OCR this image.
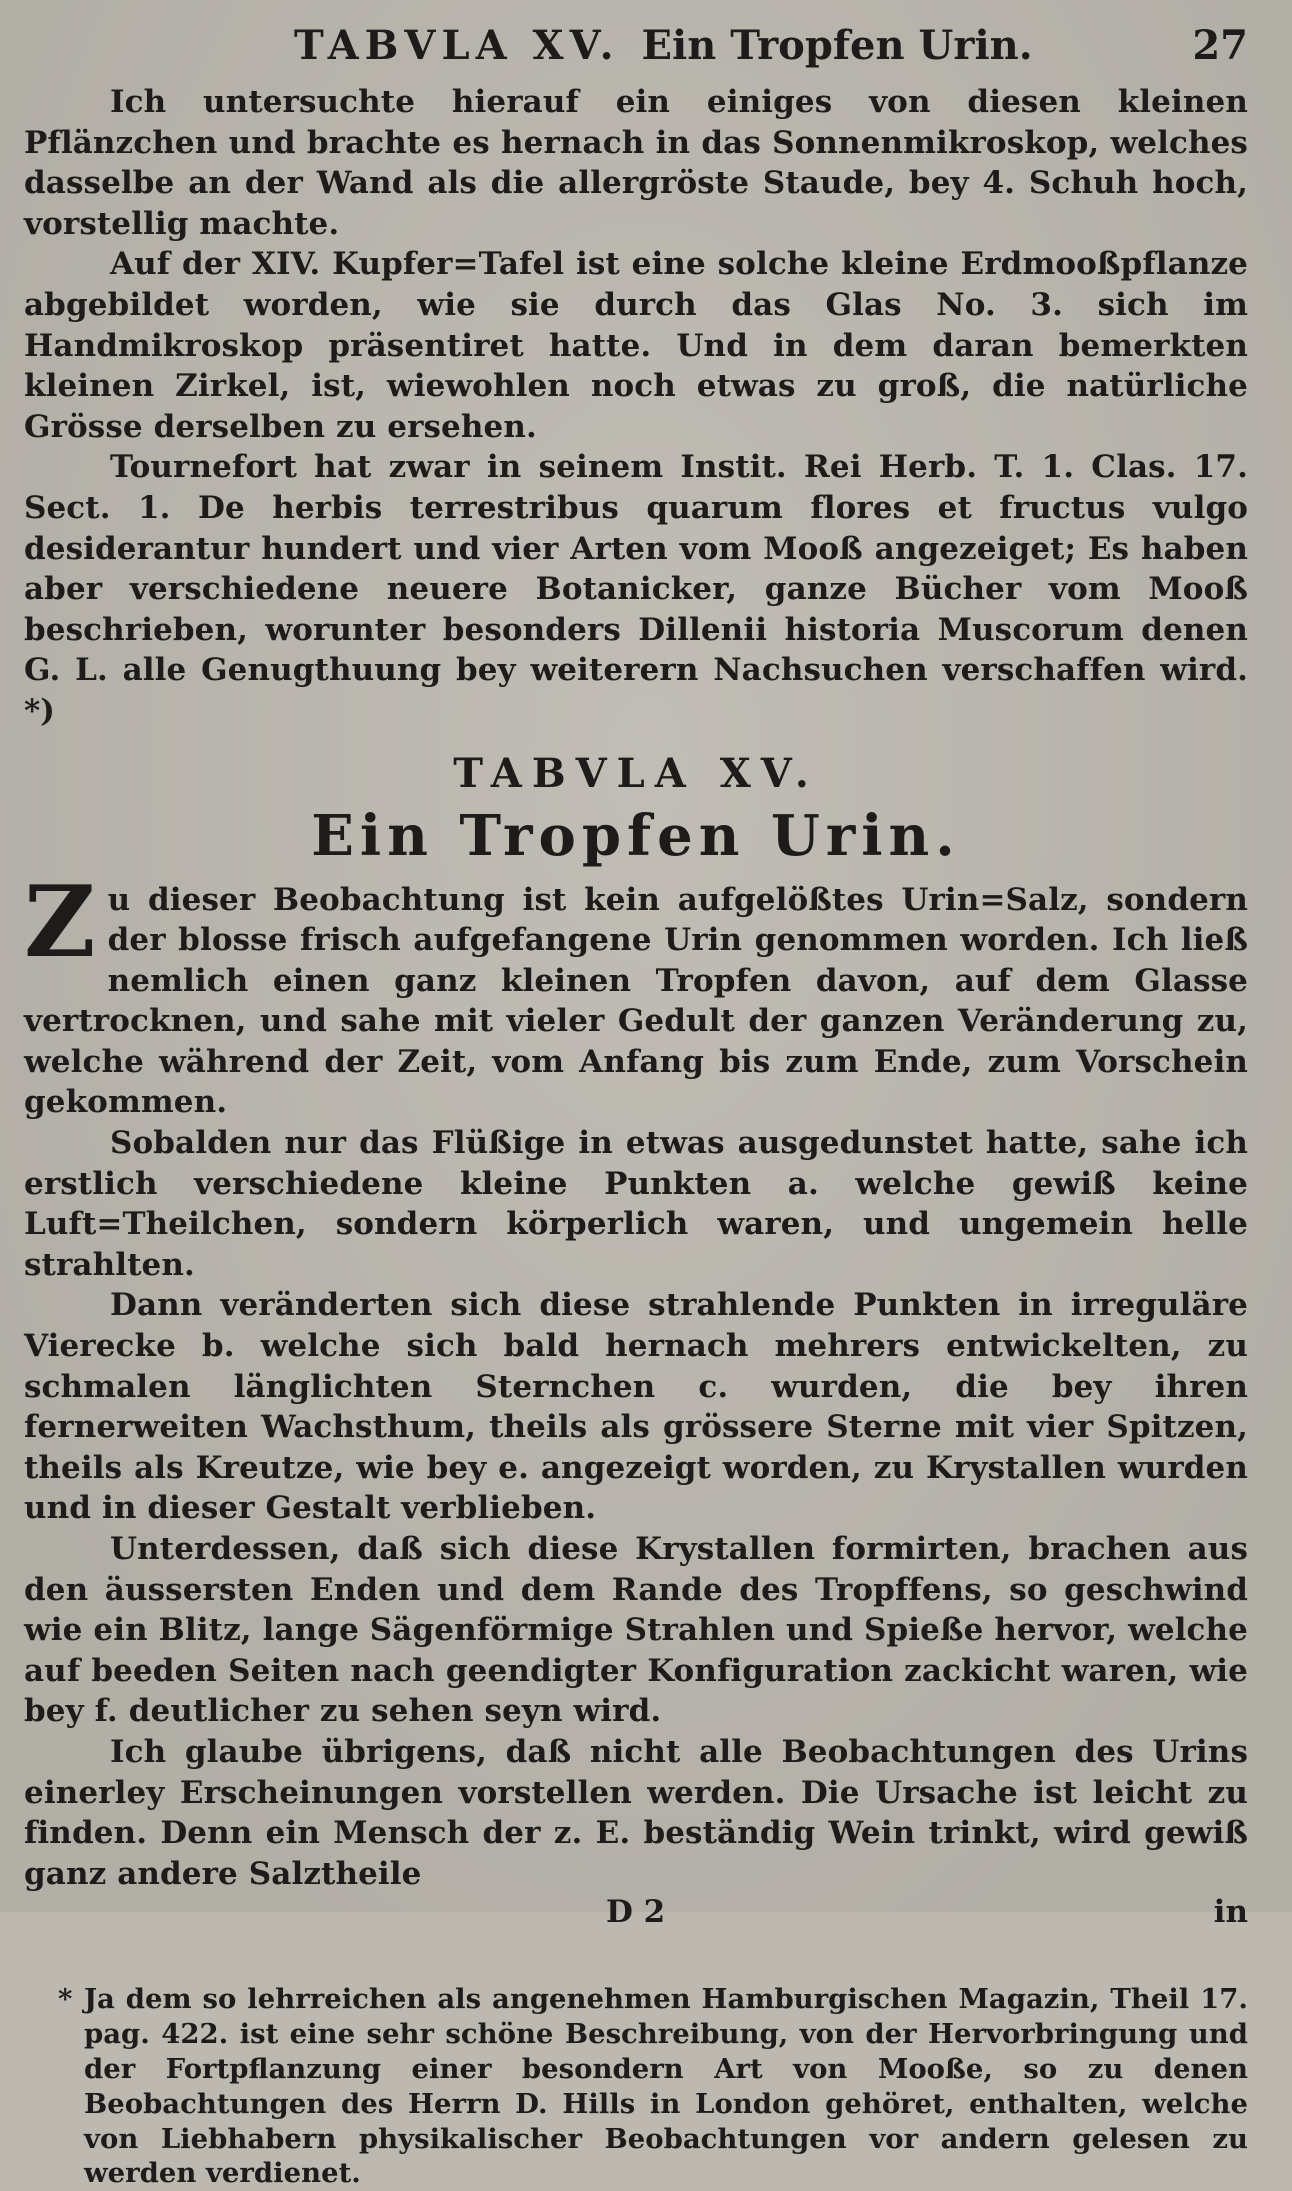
TABVLA XV. Ein Tropfen Urin.	27

Ich untersuchte hierauf ein einiges von diesen kleinen Pflänzchen und brachte es hernach in das Sonnenmikroskop, welches dasselbe an der Wand als die allergröste Staude, bey 4. Schuh hoch, vorstellig machte.

Auf der XIV. Kupfer=Tafel ist eine solche kleine Erdmooßpflanze abgebildet worden, wie sie durch das Glas No. 3. sich im Handmikroskop präsentiret hatte. Und in dem daran bemerkten kleinen Zirkel, ist, wiewohlen noch etwas zu groß, die natürliche Grösse derselben zu ersehen.

Tournefort hat zwar in seinem Instit. Rei Herb. T. 1. Clas. 17. Sect. 1. De herbis terrestribus quarum flores et fructus vulgo desiderantur hundert und vier Arten vom Mooß angezeiget; Es haben aber verschiedene neuere Botanicker, ganze Bücher vom Mooß beschrieben, worunter besonders Dillenii historia Muscorum denen G. L. alle Genugthuung bey weiterern Nachsuchen verschaffen wird. *)

TABVLA XV.
Ein Tropfen Urin.

Zu dieser Beobachtung ist kein aufgelößtes Urin=Salz, sondern der blosse frisch aufgefangene Urin genommen worden. Ich ließ nemlich einen ganz kleinen Tropfen davon, auf dem Glasse vertrocknen, und sahe mit vieler Gedult der ganzen Veränderung zu, welche während der Zeit, vom Anfang bis zum Ende, zum Vorschein gekommen.

Sobalden nur das Flüßige in etwas ausgedunstet hatte, sahe ich erstlich verschiedene kleine Punkten a. welche gewiß keine Luft=Theilchen, sondern körperlich waren, und ungemein helle strahlten.

Dann veränderten sich diese strahlende Punkten in irreguläre Vierecke b. welche sich bald hernach mehrers entwickelten, zu schmalen länglichten Sternchen c. wurden, die bey ihren fernerweiten Wachsthum, theils als grössere Sterne mit vier Spitzen, theils als Kreutze, wie bey e. angezeigt worden, zu Krystallen wurden und in dieser Gestalt verblieben.

Unterdessen, daß sich diese Krystallen formirten, brachen aus den äussersten Enden und dem Rande des Tropffens, so geschwind wie ein Blitz, lange Sägenförmige Strahlen und Spieße hervor, welche auf beeden Seiten nach geendigter Konfiguration zackicht waren, wie bey f. deutlicher zu sehen seyn wird.

Ich glaube übrigens, daß nicht alle Beobachtungen des Urins einerley Erscheinungen vorstellen werden. Die Ursache ist leicht zu finden. Denn ein Mensch der z. E. beständig Wein trinkt, wird gewiß ganz andere Salztheile

D 2	in
* Ja dem so lehrreichen als angenehmen Hamburgischen Magazin, Theil 17. pag. 422. ist eine sehr schöne Beschreibung, von der Hervorbringung und der Fortpflanzung einer besondern Art von Mooße, so zu denen Beobachtungen des Herrn D. Hills in London gehöret, enthalten, welche von Liebhabern physikalischer Beobachtungen vor andern gelesen zu werden verdienet.
